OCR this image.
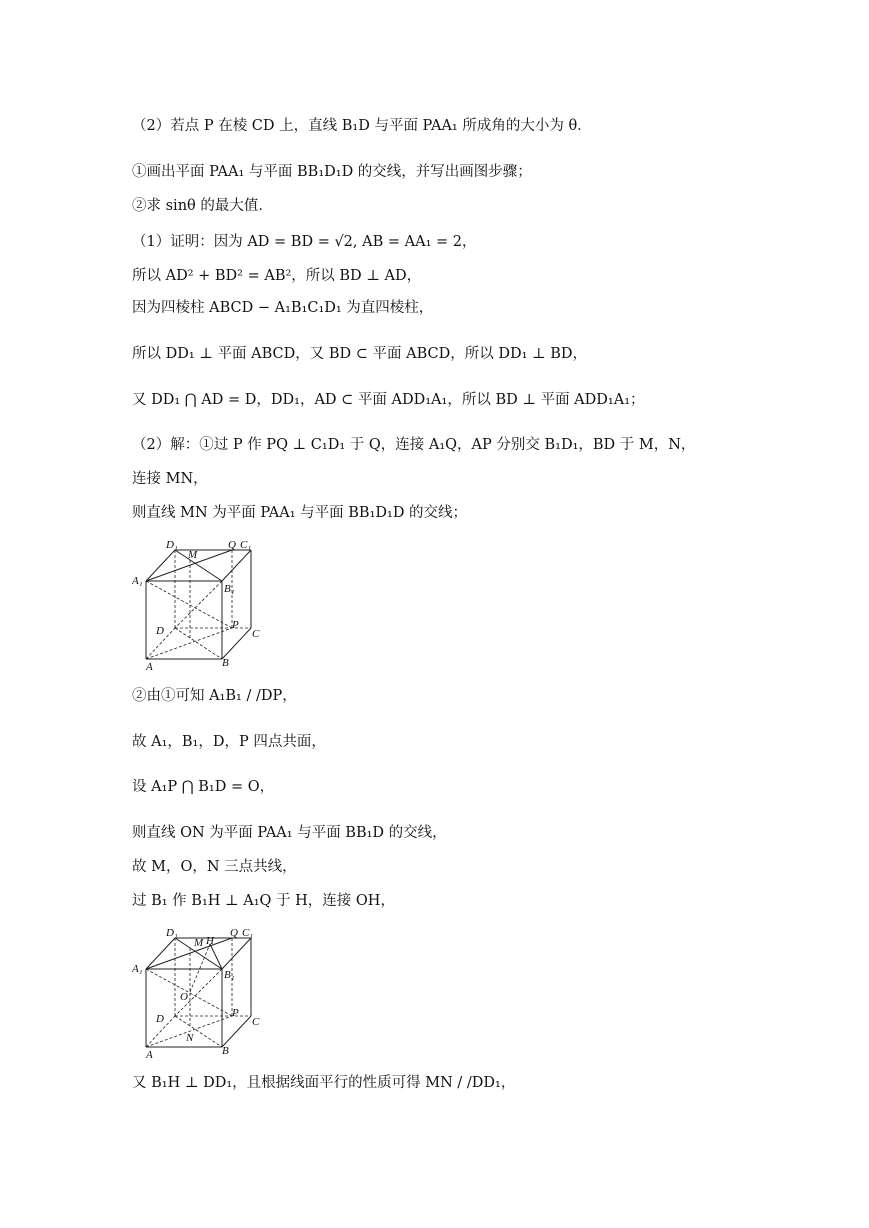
（2）若点 P 在棱 CD 上，直线 B₁D 与平面 PAA₁ 所成角的大小为 θ．
①画出平面 PAA₁ 与平面 BB₁D₁D 的交线，并写出画图步骤；
②求 sinθ 的最大值．
（1）证明：因为 AD = BD = √2, AB = AA₁ = 2，
所以 AD² + BD² = AB²，所以 BD ⊥ AD，
因为四棱柱 ABCD − A₁B₁C₁D₁ 为直四棱柱，
所以 DD₁ ⊥ 平面 ABCD，又 BD ⊂ 平面 ABCD，所以 DD₁ ⊥ BD，
又 DD₁ ⋂ AD = D，DD₁，AD ⊂ 平面 ADD₁A₁，所以 BD ⊥ 平面 ADD₁A₁；
（2）解：①过 P 作 PQ ⊥ C₁D₁ 于 Q，连接 A₁Q，AP 分别交 B₁D₁，BD 于 M，N，
连接 MN，
则直线 MN 为平面 PAA₁ 与平面 BB₁D₁D 的交线；
D₁
M
Q C₁
A₁
B₁
D	P
C
A	B
②由①可知 A₁B₁ / /DP，
故 A₁，B₁，D，P 四点共面，
设 A₁P ⋂ B₁D = O，
则直线 ON 为平面 PAA₁ 与平面 BB₁D 的交线，
故 M，O，N 三点共线，
过 B₁ 作 B₁H ⊥ A₁Q 于 H，连接 OH，
D₁
M H
Q C₁
A₁	B₁
O
D	P
C
A
N
B
又 B₁H ⊥ DD₁，且根据线面平行的性质可得 MN / /DD₁，
